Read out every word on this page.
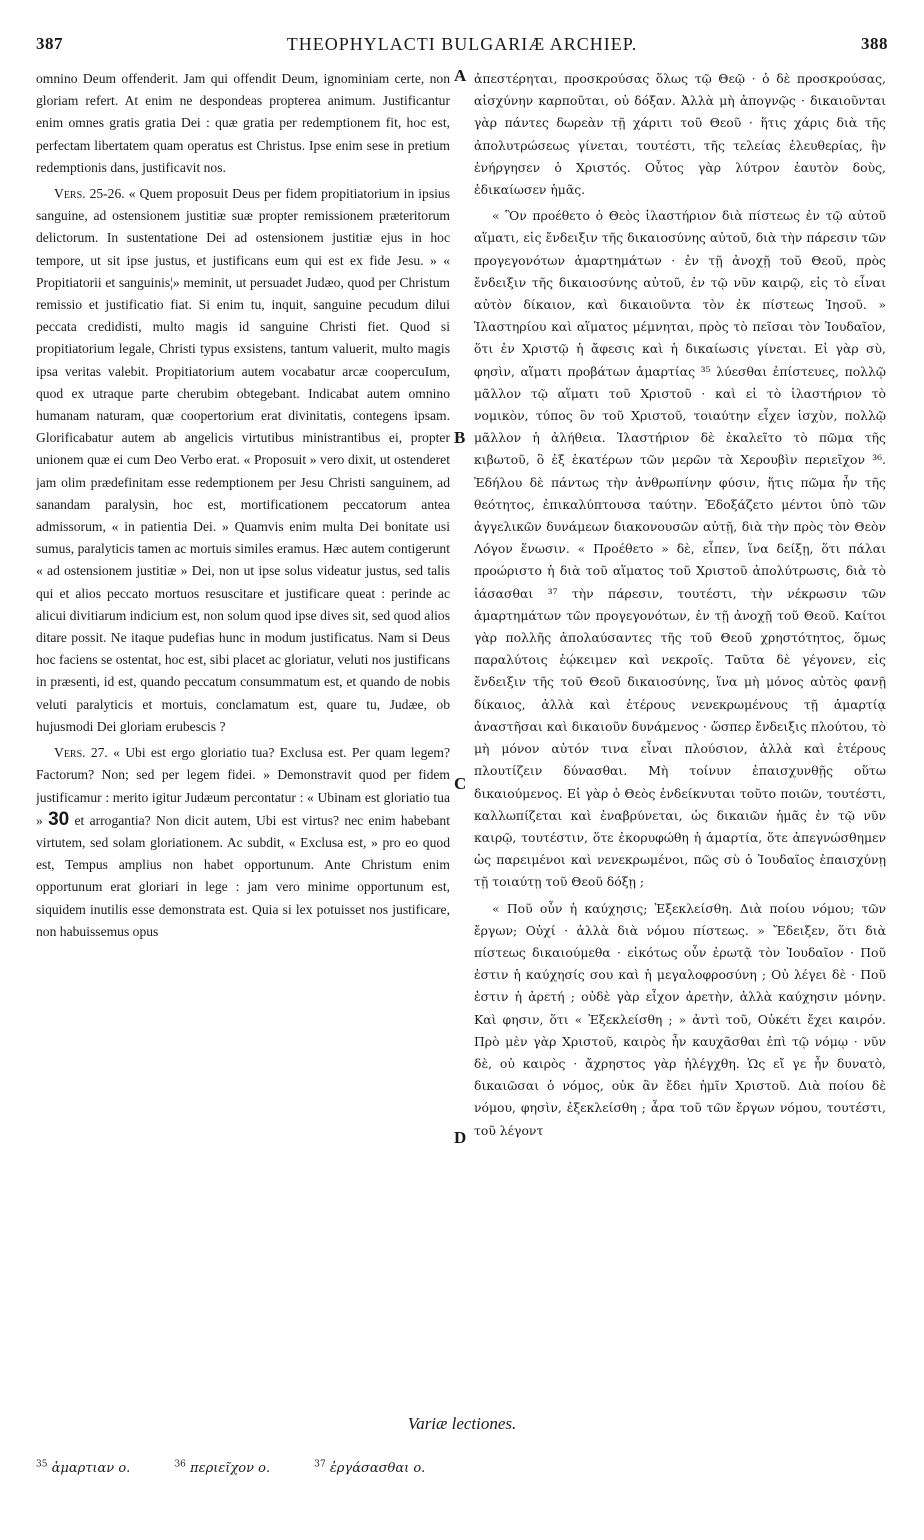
387	THEOPHYLACTI BULGARIÆ ARCHIEP.	388

omnino Deum offenderit. Jam qui offendit Deum, ignominiam certe, non gloriam refert. At enim ne despondeas propterea animum. Justificantur enim omnes gratis gratia Dei : quæ gratia per redemptionem fit, hoc est, perfectam libertatem quam operatus est Christus. Ipse enim sese in pretium redemptionis dans, justificavit nos.

Vers. 25-26. « Quem proposuit Deus per fidem propitiatorium in ipsius sanguine, ad ostensionem justitiæ suæ propter remissionem præteritorum delictorum. In sustentatione Dei ad ostensionem justitiæ ejus in hoc tempore, ut sit ipse justus, et justificans eum qui est ex fide Jesu. » « Propitiatorii et sanguinis¦» meminit, ut persuadet Judæo, quod per Christum remissio et justificatio fiat. Si enim tu, inquit, sanguine pecudum dilui peccata credidisti, multo magis id sanguine Christi fiet. Quod si propitiatorium legale, Christi typus exsistens, tantum valuerit, multo magis ipsa veritas valebit. Propitiatorium autem vocabatur arcæ coopercuIum, quod ex utraque parte cherubim obtegebant. Indicabat autem omnino humanam naturam, quæ coopertorium erat divinitatis, contegens ipsam. Glorificabatur autem ab angelicis virtutibus ministrantibus ei, propter unionem quæ ei cum Deo Verbo erat. « Proposuit » vero dixit, ut ostenderet jam olim prædefinitam esse redemptionem per Jesu Christi sanguinem, ad sanandam paralysin, hoc est, mortificationem peccatorum antea admissorum, « in patientia Dei. » Quamvis enim multa Dei bonitate usi sumus, paralyticis tamen ac mortuis similes eramus. Hæc autem contigerunt « ad ostensionem justitiæ » Dei, non ut ipse solus videatur justus, sed talis qui et alios peccato mortuos resuscitare et justificare queat : perinde ac alicui divitiarum indicium est, non solum quod ipse dives sit, sed quod alios ditare possit. Ne itaque pudefias hunc in modum justificatus. Nam si Deus hoc faciens se ostentat, hoc est, sibi placet ac gloriatur, veluti nos justificans in præsenti, id est, quando peccatum consummatum est, et quando de nobis veluti paralyticis et mortuis, conclamatum est, quare tu, Judæe, ob hujusmodi Dei gloriam erubescis ?

Vers. 27. « Ubi est ergo gloriatio tua? Exclusa est. Per quam legem? Factorum? Non; sed per legem fidei. » Demonstravit quod per fidem justificamur : merito igitur Judæum percontatur : « Ubinam est gloriatio tua » 30 et arrogantia? Non dicit autem, Ubi est virtus? nec enim habebant virtutem, sed solam gloriationem. Ac subdit, « Exclusa est, » pro eo quod est, Tempus amplius non habet opportunum. Ante Christum enim opportunum erat gloriari in lege : jam vero minime opportunum est, siquidem inutilis esse demonstrata est. Quia si lex potuisset nos justificare, non habuissemus opus

A
B
C
D

ἀπεστέρηται, προσκρούσας ὅλως τῷ Θεῷ · ὁ δὲ προσκρούσας, αἰσχύνην καρποῦται, οὐ δόξαν. Ἀλλὰ μὴ ἀπογνῷς · δικαιοῦνται γὰρ πάντες δωρεὰν τῇ χάριτι τοῦ Θεοῦ · ἥτις χάρις διὰ τῆς ἀπολυτρώσεως γίνεται, τουτέστι, τῆς τελείας ἐλευθερίας, ἣν ἐνήργησεν ὁ Χριστός. Οὗτος γὰρ λύτρον ἑαυτὸν δοὺς, ἐδικαίωσεν ἡμᾶς.

« Ὃν προέθετο ὁ Θεὸς ἱλαστήριον διὰ πίστεως ἐν τῷ αὐτοῦ αἵματι, εἰς ἔνδειξιν τῆς δικαιοσύνης αὐτοῦ, διὰ τὴν πάρεσιν τῶν προγεγονότων ἁμαρτημάτων · ἐν τῇ ἀνοχῇ τοῦ Θεοῦ, πρὸς ἔνδειξιν τῆς δικαιοσύνης αὐτοῦ, ἐν τῷ νῦν καιρῷ, εἰς τὸ εἶναι αὐτὸν δίκαιον, καὶ δικαιοῦντα τὸν ἐκ πίστεως Ἰησοῦ. » Ἱλαστηρίου καὶ αἵματος μέμνηται, πρὸς τὸ πεῖσαι τὸν Ἰουδαῖον, ὅτι ἐν Χριστῷ ἡ ἄφεσις καὶ ἡ δικαίωσις γίνεται. Εἰ γὰρ σὺ, φησὶν, αἵματι προβάτων ἁμαρτίας ³⁵ λύεσθαι ἐπίστευες, πολλῷ μᾶλλον τῷ αἵματι τοῦ Χριστοῦ · καὶ εἰ τὸ ἱλαστήριον τὸ νομικὸν, τύπος ὂν τοῦ Χριστοῦ, τοιαύτην εἶχεν ἰσχὺν, πολλῷ μᾶλλον ἡ ἀλήθεια. Ἱλαστήριον δὲ ἐκαλεῖτο τὸ πῶμα τῆς κιβωτοῦ, ὃ ἐξ ἑκατέρων τῶν μερῶν τὰ Χερουβὶν περιεῖχον ³⁶. Ἐδήλου δὲ πάντως τὴν ἀνθρωπίνην φύσιν, ἥτις πῶμα ἦν τῆς θεότητος, ἐπικαλύπτουσα ταύτην. Ἐδοξάζετο μέντοι ὑπὸ τῶν ἀγγελικῶν δυνάμεων διακονουσῶν αὐτῇ, διὰ τὴν πρὸς τὸν Θεὸν Λόγον ἕνωσιν. « Προέθετο » δὲ, εἶπεν, ἵνα δείξῃ, ὅτι πάλαι προώριστο ἡ διὰ τοῦ αἵματος τοῦ Χριστοῦ ἀπολύτρωσις, διὰ τὸ ἰάσασθαι ³⁷ τὴν πάρεσιν, τουτέστι, τὴν νέκρωσιν τῶν ἁμαρτημάτων τῶν προγεγονότων, ἐν τῇ ἀνοχῇ τοῦ Θεοῦ. Καίτοι γὰρ πολλῆς ἀπολαύσαντες τῆς τοῦ Θεοῦ χρηστότητος, ὅμως παραλύτοις ἐῴκειμεν καὶ νεκροῖς. Ταῦτα δὲ γέγονεν, εἰς ἔνδειξιν τῆς τοῦ Θεοῦ δικαιοσύνης, ἵνα μὴ μόνος αὐτὸς φανῇ δίκαιος, ἀλλὰ καὶ ἑτέρους νενεκρωμένους τῇ ἁμαρτίᾳ ἀναστῆσαι καὶ δικαιοῦν δυνάμενος · ὥσπερ ἔνδειξις πλούτου, τὸ μὴ μόνον αὐτόν τινα εἶναι πλούσιον, ἀλλὰ καὶ ἑτέρους πλουτίζειν δύνασθαι. Μὴ τοίνυν ἐπαισχυνθῇς οὕτω δικαιούμενος. Εἰ γὰρ ὁ Θεὸς ἐνδείκνυται τοῦτο ποιῶν, τουτέστι, καλλωπίζεται καὶ ἐναβρύνεται, ὡς δικαιῶν ἡμᾶς ἐν τῷ νῦν καιρῷ, τουτέστιν, ὅτε ἐκορυφώθη ἡ ἁμαρτία, ὅτε ἀπεγνώσθημεν ὡς παρειμένοι καὶ νενεκρωμένοι, πῶς σὺ ὁ Ἰουδαῖος ἐπαισχύνῃ τῇ τοιαύτῃ τοῦ Θεοῦ δόξῃ ;

« Ποῦ οὖν ἡ καύχησις; Ἐξεκλείσθη. Διὰ ποίου νόμου; τῶν ἔργων; Οὐχί · ἀλλὰ διὰ νόμου πίστεως. » Ἔδειξεν, ὅτι διὰ πίστεως δικαιούμεθα · εἰκότως οὖν ἐρωτᾷ τὸν Ἰουδαῖον · Ποῦ ἐστιν ἡ καύχησίς σου καὶ ἡ μεγαλοφροσύνη ; Οὐ λέγει δὲ · Ποῦ ἐστιν ἡ ἀρετή ; οὐδὲ γὰρ εἶχον ἀρετὴν, ἀλλὰ καύχησιν μόνην. Καὶ φησιν, ὅτι « Ἐξεκλείσθη ; » ἀντὶ τοῦ, Οὐκέτι ἔχει καιρόν. Πρὸ μὲν γὰρ Χριστοῦ, καιρὸς ἦν καυχᾶσθαι ἐπὶ τῷ νόμῳ · νῦν δὲ, οὐ καιρὸς · ἄχρηστος γὰρ ἠλέγχθη. Ὡς εἴ γε ἦν δυνατὸ, δικαιῶσαι ὁ νόμος, οὐκ ἂν ἔδει ἡμῖν Χριστοῦ. Διὰ ποίου δὲ νόμου, φησὶν, ἐξεκλείσθη ; ἆρα τοῦ τῶν ἔργων νόμου, τουτέστι, τοῦ λέγοντ

Variæ lectiones.
$^{35}$ ἁμαρτιαν ο.	$^{36}$ περιεῖχον ο.	$^{37}$ ἐργάσασθαι ο.
